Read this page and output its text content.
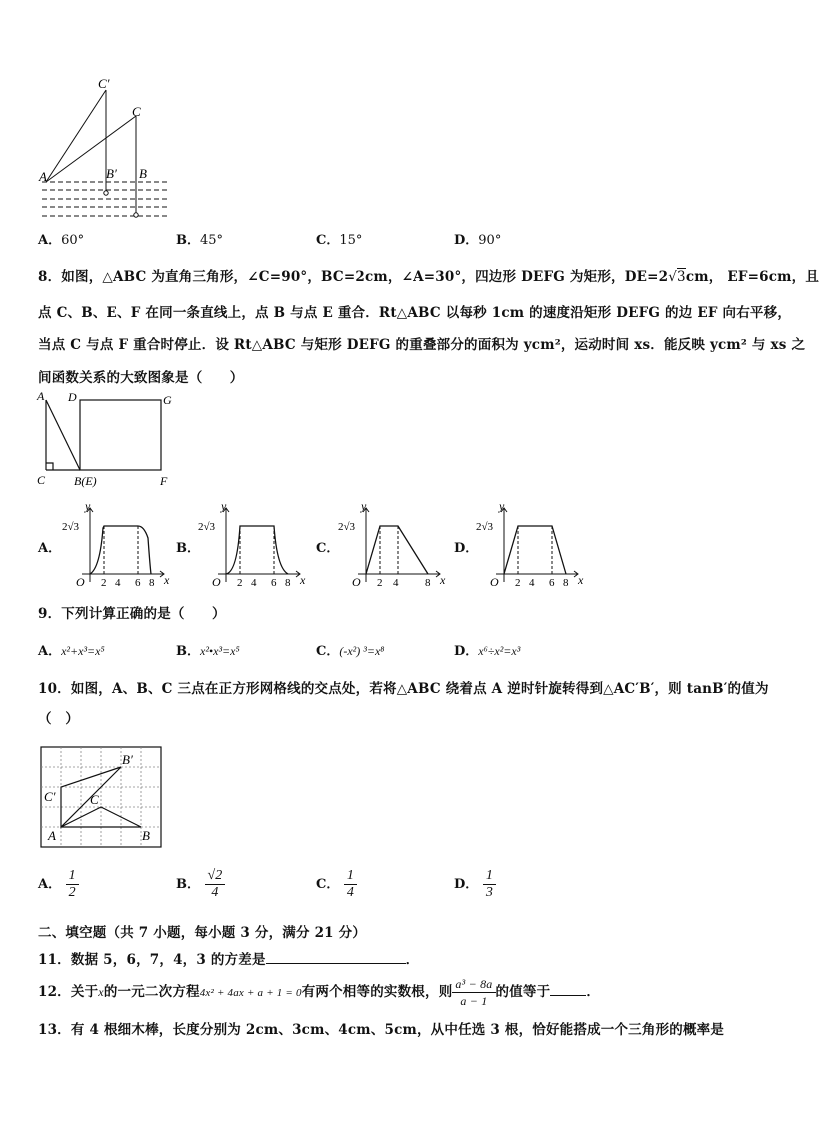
C′
C
A	B′ B
A．60°	B．45°	C．15°	D．90°
8．如图，△ABC 为直角三角形，∠C=90°，BC=2cm，∠A=30°，四边形 DEFG 为矩形，DE=2√3cm， EF=6cm，且
点 C、B、E、F 在同一条直线上，点 B 与点 E 重合．Rt△ABC 以每秒 1cm 的速度沿矩形 DEFG 的边 EF 向右平移，
当点 C 与点 F 重合时停止．设 Rt△ABC 与矩形 DEFG 的重叠部分的面积为 ycm²，运动时间 xs．能反映 ycm² 与 xs 之
间函数关系的大致图象是（　　）
A D	G
C B(E)	F
A．
y
2√3
O 2 4 6 8 x
B．
y
2√3
O 2 4 6 8 x
C．
y
2√3
O 2 4 8 x
D．
y
2√3
O 2 4 6 8 x
9．下列计算正确的是（　　）
A．x²+x³=x⁵	B．x²•x³=x⁵	C．(-x²) ³=x⁸	D．x⁶÷x²=x³
10．如图，A、B、C 三点在正方形网格线的交点处，若将△ABC 绕着点 A 逆时针旋转得到△AC′B′，则 tanB′的值为
（　）
B′
C′	C
A	B
A． $\frac{1}{2}$	B． $\frac{√2}{4}$	C． $\frac{1}{4}$	D． $\frac{1}{3}$
二、填空题（共 7 小题，每小题 3 分，满分 21 分）
11．数据 5，6，7，4，3 的方差是	．
12．关于x的一元二次方程4x² + 4ax + a + 1 = 0有两个相等的实数根，则 $\frac{\text{a³ − 8a}}{a - 1}$ 的值等于	．
13．有 4 根细木棒，长度分别为 2cm、3cm、4cm、5cm，从中任选 3 根，恰好能搭成一个三角形的概率是
